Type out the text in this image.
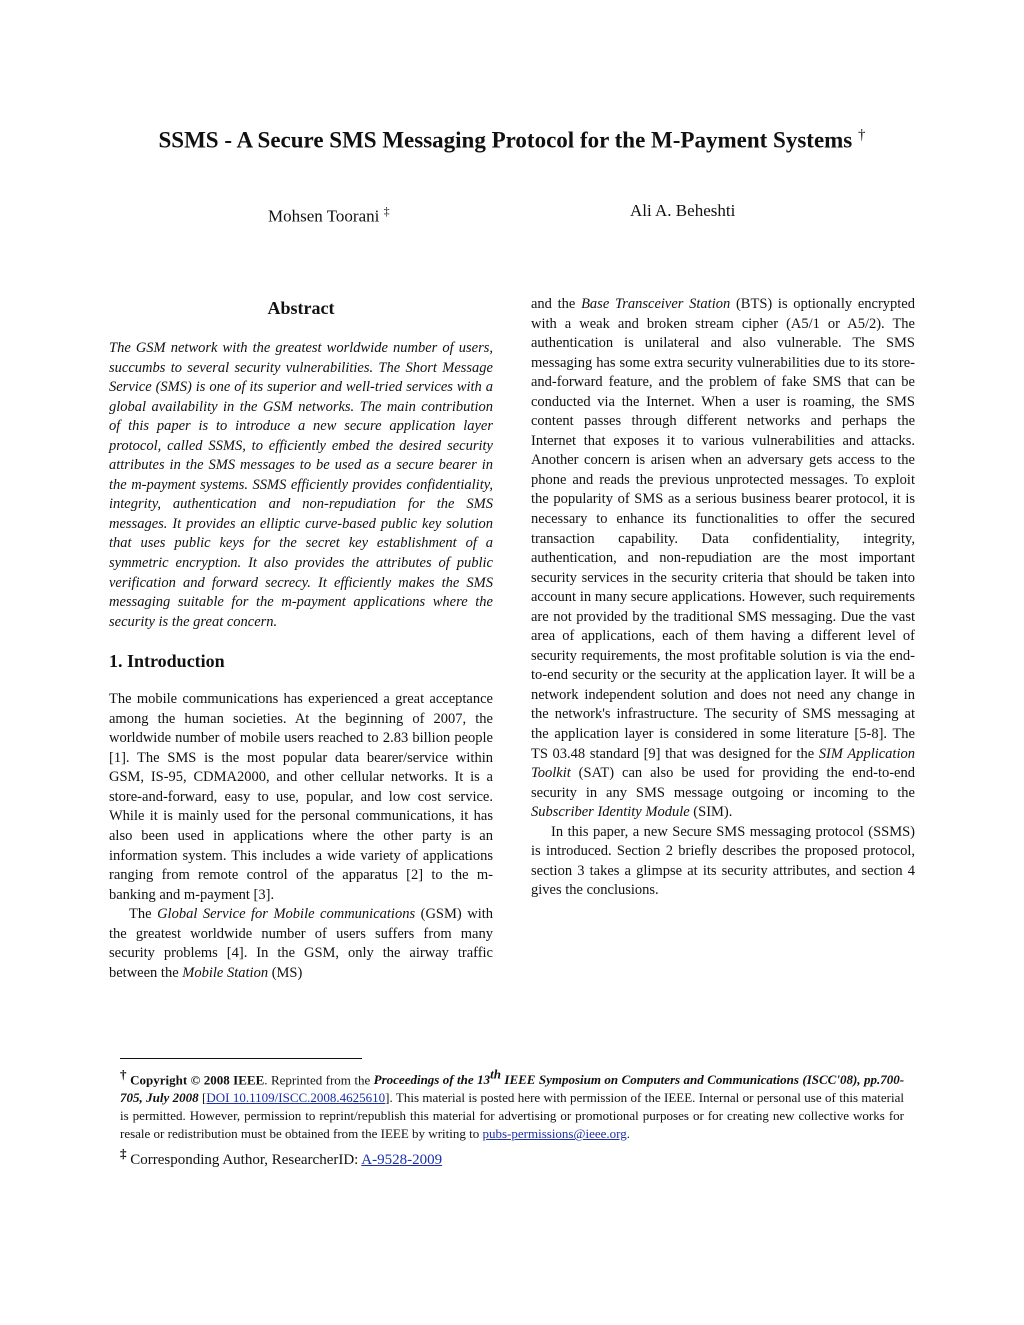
SSMS - A Secure SMS Messaging Protocol for the M-Payment Systems †
Mohsen Toorani ‡	Ali A. Beheshti
Abstract

The GSM network with the greatest worldwide number of users, succumbs to several security vulnerabilities. The Short Message Service (SMS) is one of its superior and well-tried services with a global availability in the GSM networks. The main contribution of this paper is to introduce a new secure application layer protocol, called SSMS, to efficiently embed the desired security attributes in the SMS messages to be used as a secure bearer in the m-payment systems. SSMS efficiently provides confidentiality, integrity, authentication and non-repudiation for the SMS messages. It provides an elliptic curve-based public key solution that uses public keys for the secret key establishment of a symmetric encryption. It also provides the attributes of public verification and forward secrecy. It efficiently makes the SMS messaging suitable for the m-payment applications where the security is the great concern.

1. Introduction

The mobile communications has experienced a great acceptance among the human societies. At the beginning of 2007, the worldwide number of mobile users reached to 2.83 billion people [1]. The SMS is the most popular data bearer/service within GSM, IS-95, CDMA2000, and other cellular networks. It is a store-and-forward, easy to use, popular, and low cost service. While it is mainly used for the personal communications, it has also been used in applications where the other party is an information system. This includes a wide variety of applications ranging from remote control of the apparatus [2] to the m-banking and m-payment [3].

The Global Service for Mobile communications (GSM) with the greatest worldwide number of users suffers from many security problems [4]. In the GSM, only the airway traffic between the Mobile Station (MS)

and the Base Transceiver Station (BTS) is optionally encrypted with a weak and broken stream cipher (A5/1 or A5/2). The authentication is unilateral and also vulnerable. The SMS messaging has some extra security vulnerabilities due to its store-and-forward feature, and the problem of fake SMS that can be conducted via the Internet. When a user is roaming, the SMS content passes through different networks and perhaps the Internet that exposes it to various vulnerabilities and attacks. Another concern is arisen when an adversary gets access to the phone and reads the previous unprotected messages. To exploit the popularity of SMS as a serious business bearer protocol, it is necessary to enhance its functionalities to offer the secured transaction capability. Data confidentiality, integrity, authentication, and non-repudiation are the most important security services in the security criteria that should be taken into account in many secure applications. However, such requirements are not provided by the traditional SMS messaging. Due the vast area of applications, each of them having a different level of security requirements, the most profitable solution is via the end-to-end security or the security at the application layer. It will be a network independent solution and does not need any change in the network's infrastructure. The security of SMS messaging at the application layer is considered in some literature [5-8]. The TS 03.48 standard [9] that was designed for the SIM Application Toolkit (SAT) can also be used for providing the end-to-end security in any SMS message outgoing or incoming to the Subscriber Identity Module (SIM).

In this paper, a new Secure SMS messaging protocol (SSMS) is introduced. Section 2 briefly describes the proposed protocol, section 3 takes a glimpse at its security attributes, and section 4 gives the conclusions.

† Copyright © 2008 IEEE. Reprinted from the Proceedings of the 13th IEEE Symposium on Computers and Communications (ISCC'08), pp.700-705, July 2008 [DOI 10.1109/ISCC.2008.4625610]. This material is posted here with permission of the IEEE. Internal or personal use of this material is permitted. However, permission to reprint/republish this material for advertising or promotional purposes or for creating new collective works for resale or redistribution must be obtained from the IEEE by writing to pubs-permissions@ieee.org.
‡ Corresponding Author, ResearcherID: A-9528-2009
